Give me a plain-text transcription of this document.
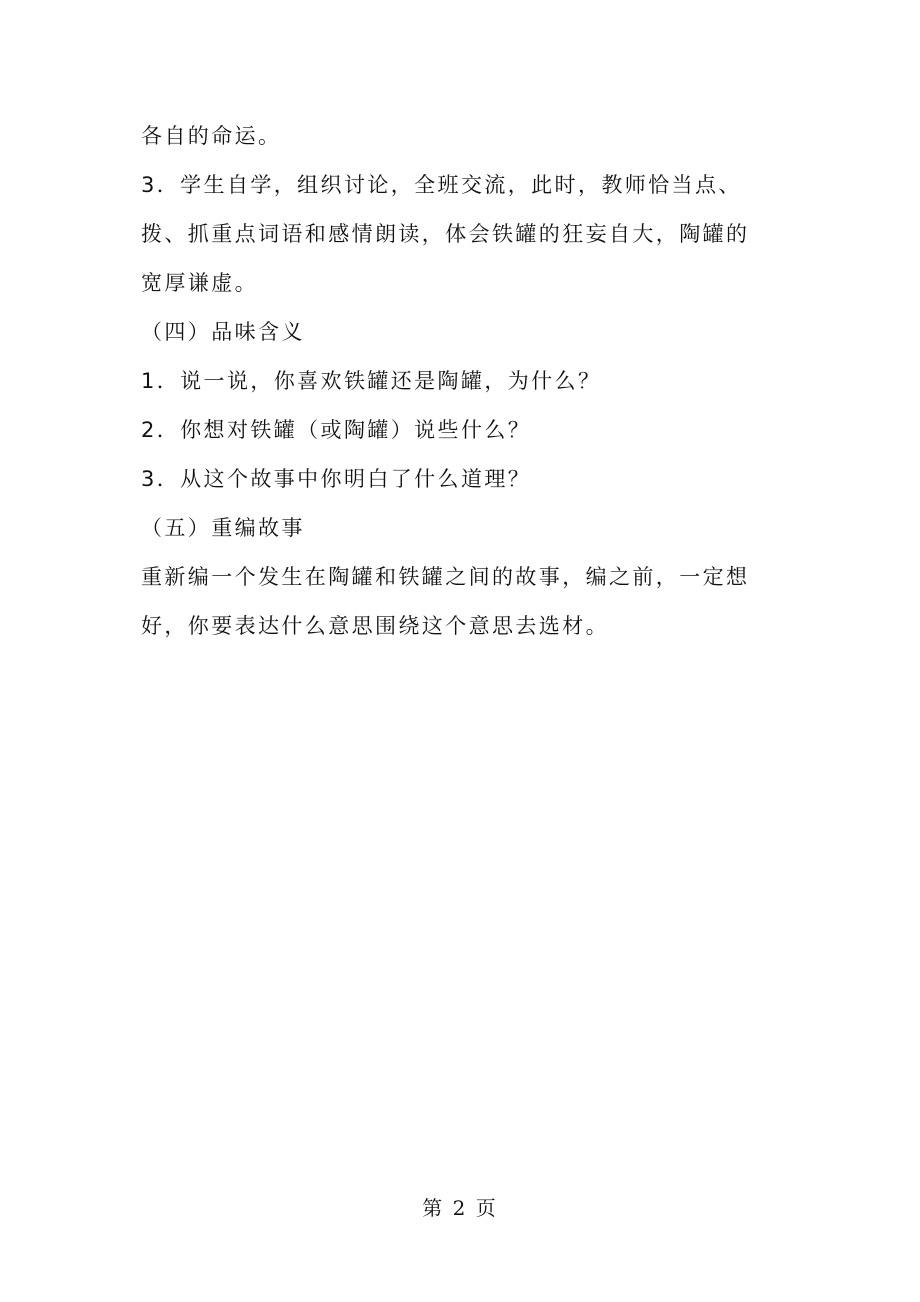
各自的命运。
3．学生自学，组织讨论，全班交流，此时，教师恰当点、
拨、抓重点词语和感情朗读，体会铁罐的狂妄自大，陶罐的
宽厚谦虚。
（四）品味含义
1．说一说，你喜欢铁罐还是陶罐，为什么？
2．你想对铁罐（或陶罐）说些什么？
3．从这个故事中你明白了什么道理？
（五）重编故事
重新编一个发生在陶罐和铁罐之间的故事，编之前，一定想
好，你要表达什么意思围绕这个意思去选材。
第 2 页
